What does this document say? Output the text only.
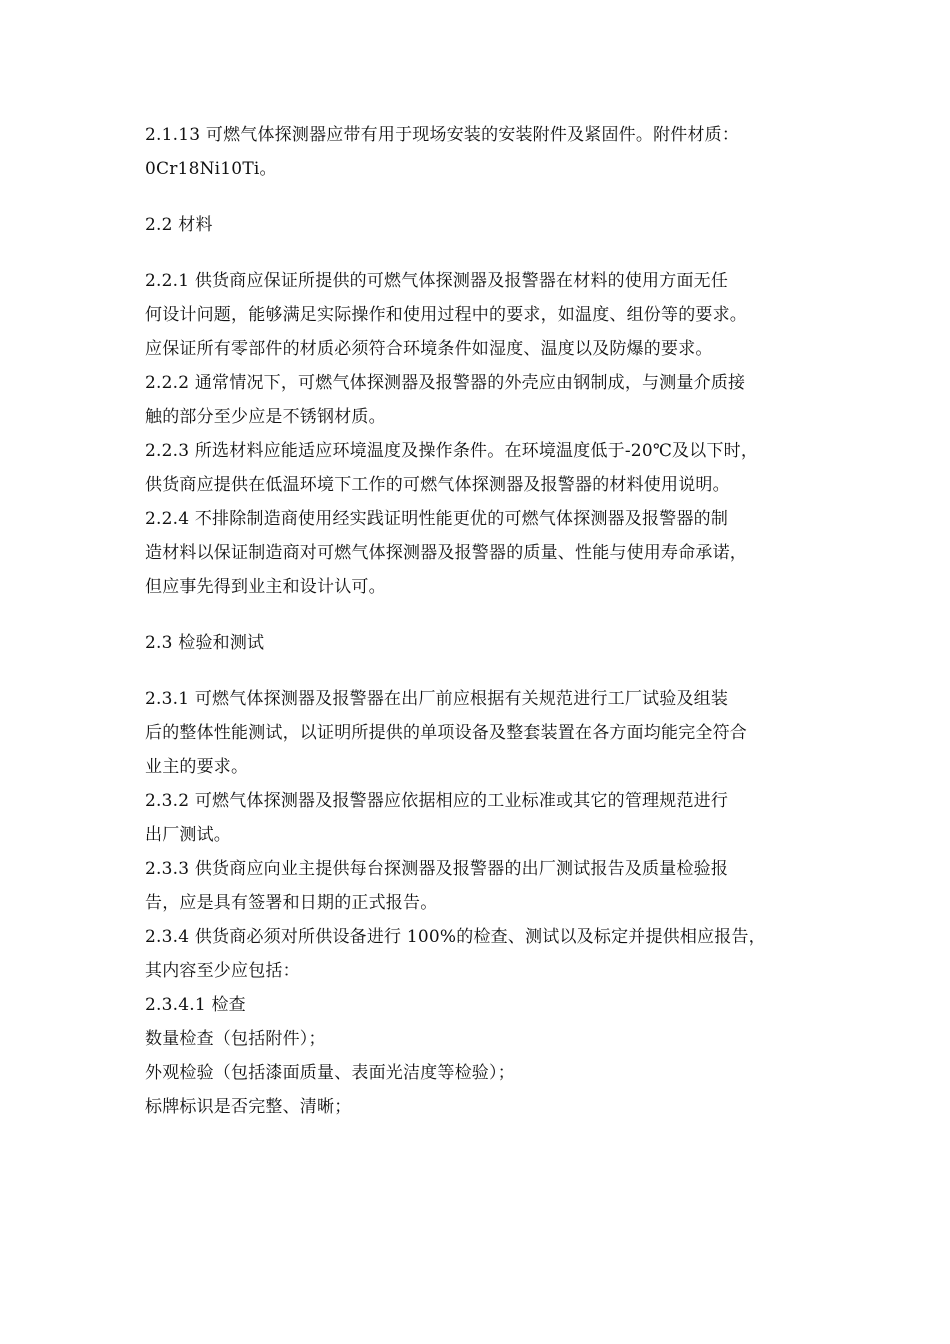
2.1.13 可燃气体探测器应带有用于现场安装的安装附件及紧固件。附件材质：
0Cr18Ni10Ti。
2.2 材料
2.2.1 供货商应保证所提供的可燃气体探测器及报警器在材料的使用方面无任
何设计问题，能够满足实际操作和使用过程中的要求，如温度、组份等的要求。
应保证所有零部件的材质必须符合环境条件如湿度、温度以及防爆的要求。
2.2.2 通常情况下，可燃气体探测器及报警器的外壳应由钢制成，与测量介质接
触的部分至少应是不锈钢材质。
2.2.3 所选材料应能适应环境温度及操作条件。在环境温度低于-20℃及以下时，
供货商应提供在低温环境下工作的可燃气体探测器及报警器的材料使用说明。
2.2.4 不排除制造商使用经实践证明性能更优的可燃气体探测器及报警器的制
造材料以保证制造商对可燃气体探测器及报警器的质量、性能与使用寿命承诺，
但应事先得到业主和设计认可。
2.3 检验和测试
2.3.1 可燃气体探测器及报警器在出厂前应根据有关规范进行工厂试验及组装
后的整体性能测试，以证明所提供的单项设备及整套装置在各方面均能完全符合
业主的要求。
2.3.2 可燃气体探测器及报警器应依据相应的工业标准或其它的管理规范进行
出厂测试。
2.3.3 供货商应向业主提供每台探测器及报警器的出厂测试报告及质量检验报
告，应是具有签署和日期的正式报告。
2.3.4 供货商必须对所供设备进行 100%的检查、测试以及标定并提供相应报告，
其内容至少应包括：
2.3.4.1 检查
数量检查（包括附件）；
外观检验（包括漆面质量、表面光洁度等检验）；
标牌标识是否完整、清晰；
